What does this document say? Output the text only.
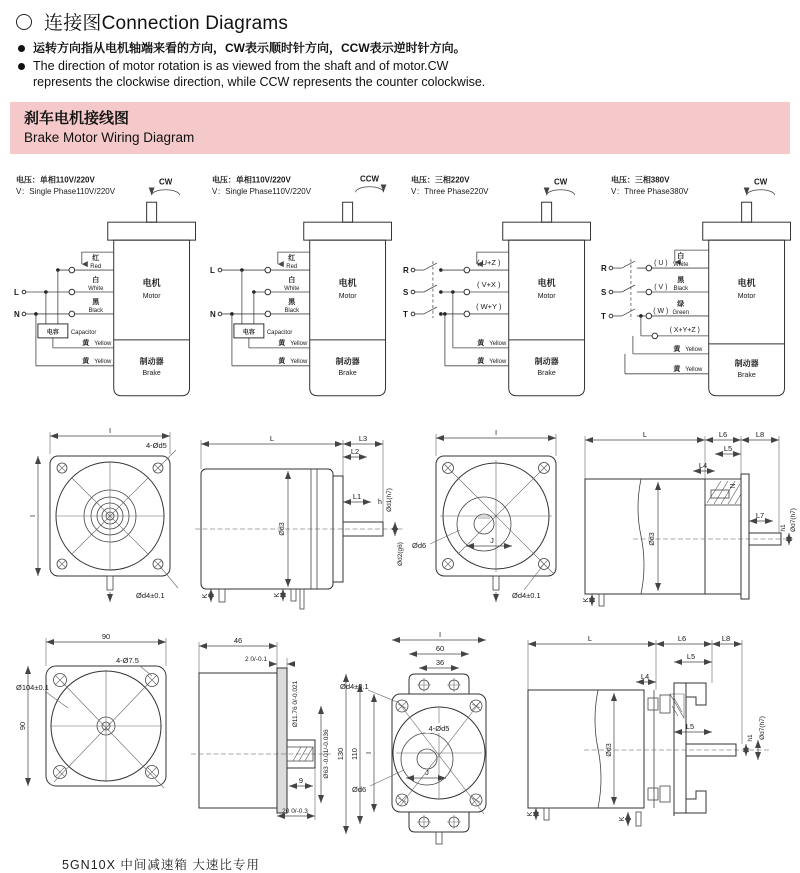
连接图Connection Diagrams
运转方向指从电机轴端来看的方向，CW表示顺时针方向，CCW表示逆时针方向。
The direction of motor rotation is as viewed from the shaft and of motor.CW
represents the clockwise direction, while CCW represents the counter colockwise.
刹车电机接线图
Brake Motor Wiring Diagram
电压：单相110V/220V
V：Single Phase110V/220V
CW
电机
Motor
制动器
Brake
红
Red
L
白
White
N
黑
Black
电容 Capacitor
黄 Yellow
黄 Yellow
电压：单相110V/220V
V：Single Phase110V/220V
CCW
电机
Motor
制动器
Brake
L
红
Red
白
White
N
黑
Black
电容 Capacitor
黄 Yellow
黄 Yellow
电压：三相220V
V：Three Phase220V
CW
电机
Motor
制动器
Brake
R
( U+Z )
S
( V+X )
T
( W+Y )
黄 Yellow
黄 Yellow
电压：三相380V
V：Three Phase380V
CW
电机
Motor
制动器
Brake
R
( U )
白
White
S
( V )
黑
Black
T
( W )
绿
Green
( X+Y+Z )
黄 Yellow
黄 Yellow
I
I
4-Ød5
Ød4±0.1
L	L3
L2
L1
h
Ød3
Ød1(h7)
Ød2(g6)
K	K
I
J
Ød6
Ød4±0.1
L	L6	L8
L5
L4
N
L7
Ød3
h1 Ød7(h7)
K
90
90
Ø104±0.1
4-Ø7.5
46
2 0/-0.1
Ø11.76 0/-0.021
Ø63 -0.01/-0.036
9
20 0/-0.3
I
60
36
130 110 I
4-Ød5
Ød4±0.1
Ød6
J
L	L6	L8
L5
L4
L5
Ød3
h1 Ød7(h7)
K
K
5GN10X 中间减速箱 大速比专用
